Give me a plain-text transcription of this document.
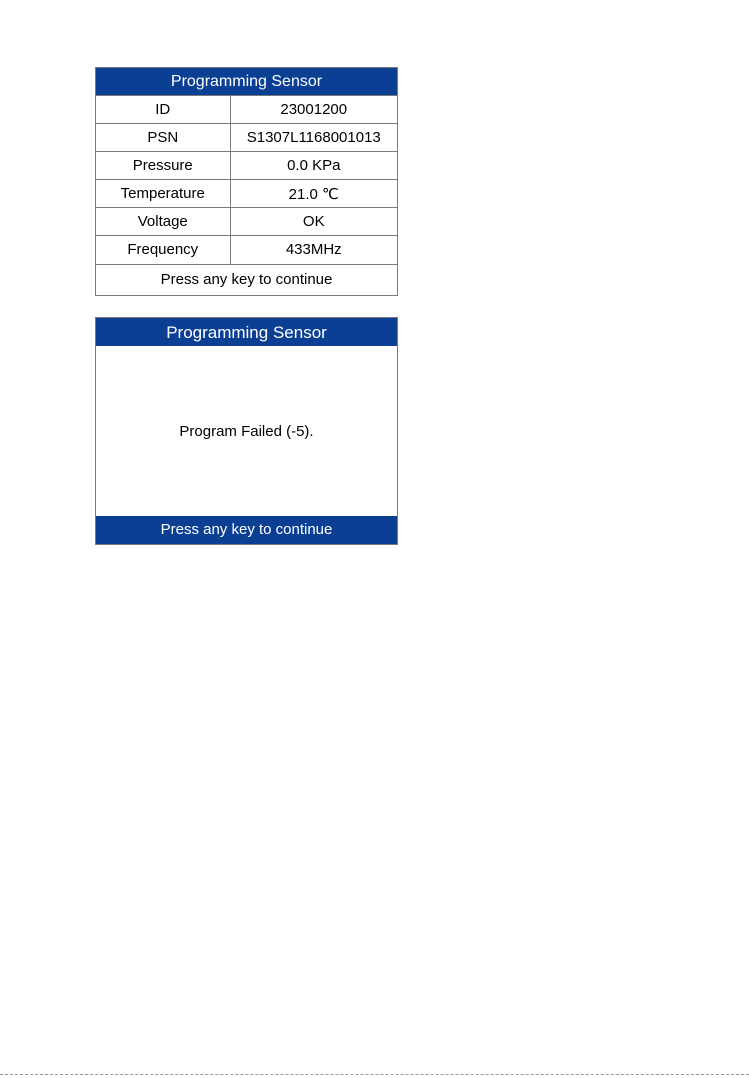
Programming Sensor
ID	23001200
PSN	S1307L1168001013
Pressure	0.0 KPa
Temperature	21.0 ℃
Voltage	OK
Frequency	433MHz
Press any key to continue
Programming Sensor
Program Failed (-5).
Press any key to continue
